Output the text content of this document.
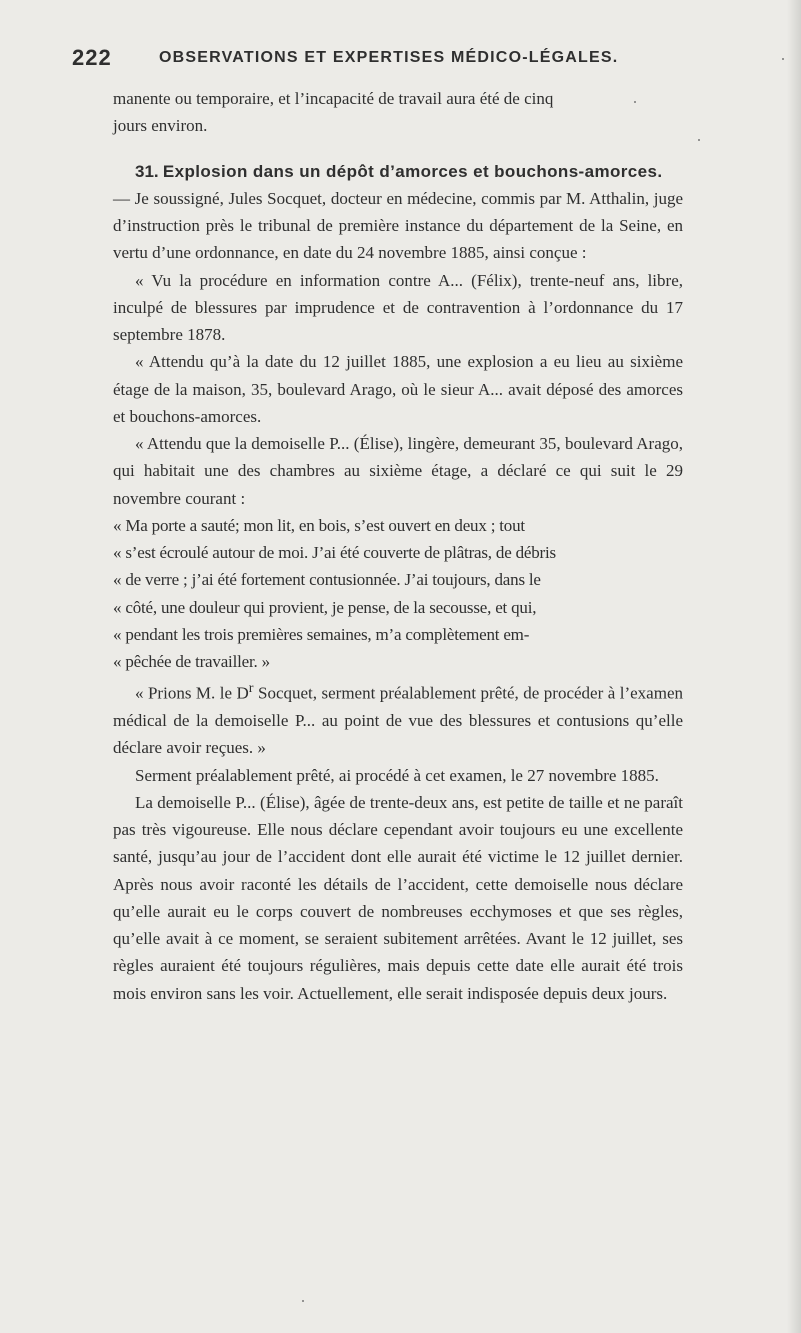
222	OBSERVATIONS ET EXPERTISES MÉDICO-LÉGALES.

manente ou temporaire, et l’incapacité de travail aura été de cinq

jours environ.

31. Explosion dans un dépôt d’amorces et bouchons-amorces.

— Je soussigné, Jules Socquet, docteur en médecine, commis par M. Atthalin, juge d’instruction près le tribunal de première instance du département de la Seine, en vertu d’une ordonnance, en date du 24 novembre 1885, ainsi conçue :

« Vu la procédure en information contre A... (Félix), trente-neuf ans, libre, inculpé de blessures par imprudence et de contravention à l’ordonnance du 17 septembre 1878.

« Attendu qu’à la date du 12 juillet 1885, une explosion a eu lieu au sixième étage de la maison, 35, boulevard Arago, où le sieur A... avait déposé des amorces et bouchons-amorces.

« Attendu que la demoiselle P... (Élise), lingère, demeurant 35, boulevard Arago, qui habitait une des chambres au sixième étage, a déclaré ce qui suit le 29 novembre courant :

« Ma porte a sauté; mon lit, en bois, s’est ouvert en deux ; tout

« s’est écroulé autour de moi. J’ai été couverte de plâtras, de débris

« de verre ; j’ai été fortement contusionnée. J’ai toujours, dans le

« côté, une douleur qui provient, je pense, de la secousse, et qui,

« pendant les trois premières semaines, m’a complètement em-

« pêchée de travailler. »

« Prions M. le $D^r$ Socquet, serment préalablement prêté, de procéder à l’examen médical de la demoiselle P... au point de vue des blessures et contusions qu’elle déclare avoir reçues. »

Serment préalablement prêté, ai procédé à cet examen, le 27 novembre 1885.

La demoiselle P... (Élise), âgée de trente-deux ans, est petite de taille et ne paraît pas très vigoureuse. Elle nous déclare cependant avoir toujours eu une excellente santé, jusqu’au jour de l’accident dont elle aurait été victime le 12 juillet dernier. Après nous avoir raconté les détails de l’accident, cette demoiselle nous déclare qu’elle aurait eu le corps couvert de nombreuses ecchymoses et que ses règles, qu’elle avait à ce moment, se seraient subitement arrêtées. Avant le 12 juillet, ses règles auraient été toujours régulières, mais depuis cette date elle aurait été trois mois environ sans les voir. Actuellement, elle serait indisposée depuis deux jours.
